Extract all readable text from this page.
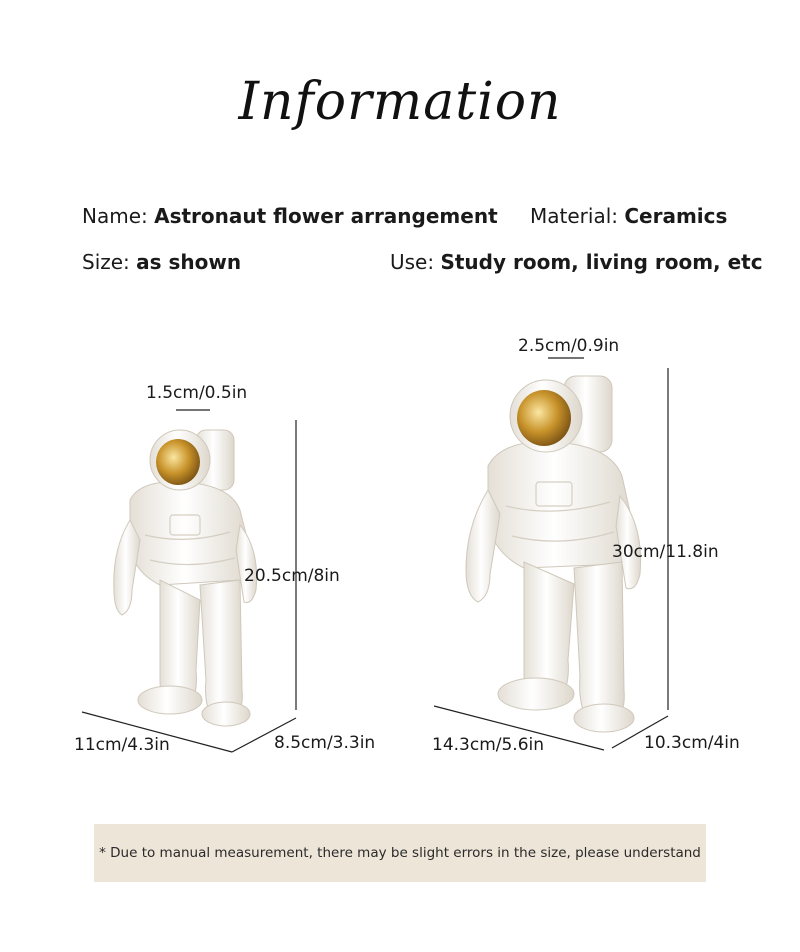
Information
Name: Astronaut flower arrangement Material: Ceramics
Size: as shown	Use: Study room, living room, etc
1.5cm/0.5in
20.5cm/8in
11cm/4.3in	8.5cm/3.3in
2.5cm/0.9in
30cm/11.8in
14.3cm/5.6in	10.3cm/4in
* Due to manual measurement, there may be slight errors in the size, please understand
